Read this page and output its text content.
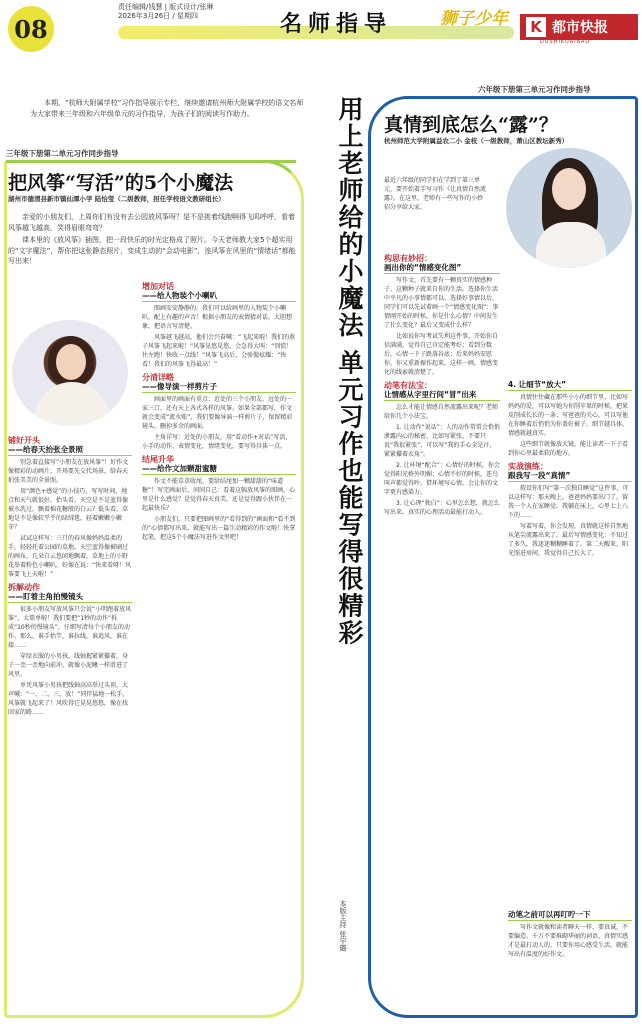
08
责任编辑/钱慧 | 版式设计/张琳
2026年3月26日 / 星期四	名师指导	狮子少年 K 都市快报
DUSHIKUAIBAO
本期，“杭师大附属学校”习作指导展示专栏，继续邀请杭州师大附属学校的语文名师为大家带来三年级和六年级单元的习作指导，为孩子们的阅读写作助力。
三年级下册第二单元习作同步指导
把风筝“写活”的5个小魔法
湖州市德清县新市镇仙潭小学 陆怡莹（二级教师，担任学校语文教研组长）

亲爱的小朋友们，上周你们有没有去公园放风筝呀？是不是挑着线跑啊得飞呜呼呼，看着风筝越飞越高，笑得眉眼弯弯？

课本里的《放风筝》插图，把一段快乐的时光定格成了照片。今天老师教大家5个超实用的“文字魔法”，帮你把这张静态照片，变成生动的“会动电影”，连风筝在风里的“情绪话”都能写出来！

铺好开头
——给春天抬张全景照

别急着直接写“小朋友在放风筝”！好作文像精彩的动画片，开场要先交代场景，给春天拍张美美的全景照。

用“颜色+感觉”的小技巧，写写时间、地点和天气就很好。抬头看，天空是不是蓝得像被水洗过，飘着棉花糖般的白云？低头看，草地是不是像软乎乎的绿绒毯，轻着嫩嫩小嫩芽？

试试这样写：三月的春风像妈妈温柔的手，轻轻托着公园的草地。天空蓝得像被刷过的画布，几朵白云悠闲地飘着，草地上的小野花举着粉色小喇叭，好像在说：“快来看呀！风筝要飞上天啦！”

拆解动作
——盯着主角拍慢镜头

很多小朋友写放风筝只会说“小明跑着放风筝”，太简单啦！我们要把“1秒的动作”拆成“10秒的慢镜头”，仔细写清每个小朋友的动作。那么，谁手抬竿，谁拉线，谁追风，谁在接……

穿绿衣服的小男孩，线轴握紧紧攥着，身子一歪一歪地向前冲，就像小泥鳅一样滑进了风里。

单凭风筝小男孩把线轴高高举过头顶，大声喊：“一、二、三，放！”同伴猛地一松手，风筝就飞起来了！风吹得它晃晃悠悠，像在找回家的路……

增加对话
——给人物装个小喇叭

图画安安静静的，我们可以给画里的人物装个小喇叭，配上有趣的声音！根据小朋友的表情猜对话，大胆想象，把语言写清楚。

风筝越飞越高，他们会兴奋喊：“飞起来啦！我们的燕子风筝飞起来啦！”风筝晃悠晃悠，会急得大叫：“别慌！往左跑！快收一点线！”风筝飞高后，会骄傲炫耀：“快看！我们的风筝飞得最高！”

分清详略
——像导演一样剪片子

画面里的画面有重点：近处的三个小朋友，远处的一家三口，还有天上各式各样的风筝。如果全部都写，作文就会变成“流水账”，我们要像导演一样剪片子，保留精彩镜头，删掉多余的画面。

主角详写：近处的小朋友，用“看动作+对话”写活，小手的动作、表情变化、情绪变化，要写得具体一点。

结尾升华
——给作文加颗甜蜜糖

作文不能草草收尾，要给结尾加一颗甜甜的“味道糖”！写完画面后，问问自己：看着这幅放风筝的图画，心里是什么感觉？是觉得春天真美，还是觉得跟小伙伴在一起最快乐？

小朋友们，只要把图画里的“看得到的”画面和“看不到的”心情都写出来，就能写出一篇生动精彩的作文啦！快拿起笔，把这5个小魔法写进作文里吧！	用上老师给的小魔法 单元习作也能写得很精彩
本版主持 张宇璐
六年级下册第三单元习作同步指导
真情到底怎么“露”？
杭州师范大学附属益农二小 金枝（一级教师，萧山区教坛新秀）
最近六年级的同学们在学到了第三单元，要开始着手写习作《让真情自然流露》。在这里，老师有一些写作的小妙招分享给大家。
构思有妙招：
画出你的“情感变化图”

写作文，首先要有一颗真实的情感种子。这颗种子就来自你的生活。选择你生活中平凡的小事情都可以。选择好事情以后，同学们可以先试着画一个“情感变化图”：事情刚开始的时候，你是什么心情？中间发生了什么变化？最后又变成什么样？

比如说你写考试失利这件事，开始你自信满满，觉得自己肯定能考好；看到分数后，心情一下子跌落谷底；后来妈妈安慰你，你又重新振作起来。这样一画，情感变化的线索就清楚了。

动笔有法宝：
让情感从字里行间“冒”出来

怎么才能让情感自然流露出来呢？老师给你几个小法宝。

1. 让动作“说话”：人的动作常常会悄悄泄露内心的秘密。比如写紧张，不要只说“我很紧张”，可以写“我的手心全是汗，紧紧攥着衣角”。

2. 让环境“配合”：心情好的时候，你会觉得阳光格外明媚；心情不好的时候，连鸟叫声都觉得吵。借环境写心情，会让你的文字更有感染力。

3. 让心理“独白”：心里怎么想，就怎么写出来。真实的心理活动最能打动人。

4. 让细节“放大”

真情往往藏在那些小小的细节里。比如写妈妈的爱，可以写她为你削苹果的时候，把果皮削成长长的一条；写爸爸的关心，可以写他在你睡着后悄悄为你盖好被子。细节越具体，情感就越真实。

这些细节就像放大镜，能让读者一下子看到你心里最柔软的地方。

实战演练：
跟我写一段“真情”

假设你们写“第一次独自睡觉”这件事，可以这样写：那天晚上，爸爸妈妈要出门了，留我一个人在家睡觉。我躺在床上，心里七上八下的……

写着写着，你会发现，真情就这样自然地从笔尖流露出来了。最后写情感变化：不知过了多久，我迷迷糊糊睡着了。第二天醒来，阳光照进房间，我觉得自己长大了。

动笔之前可以再叮咛一下

写作文就像和读者聊天一样，要真诚，不要编造。千万不要堆砌华丽的词语，真情实感才是最打动人的。只要你用心感受生活，就能写出有温度的好作文。
